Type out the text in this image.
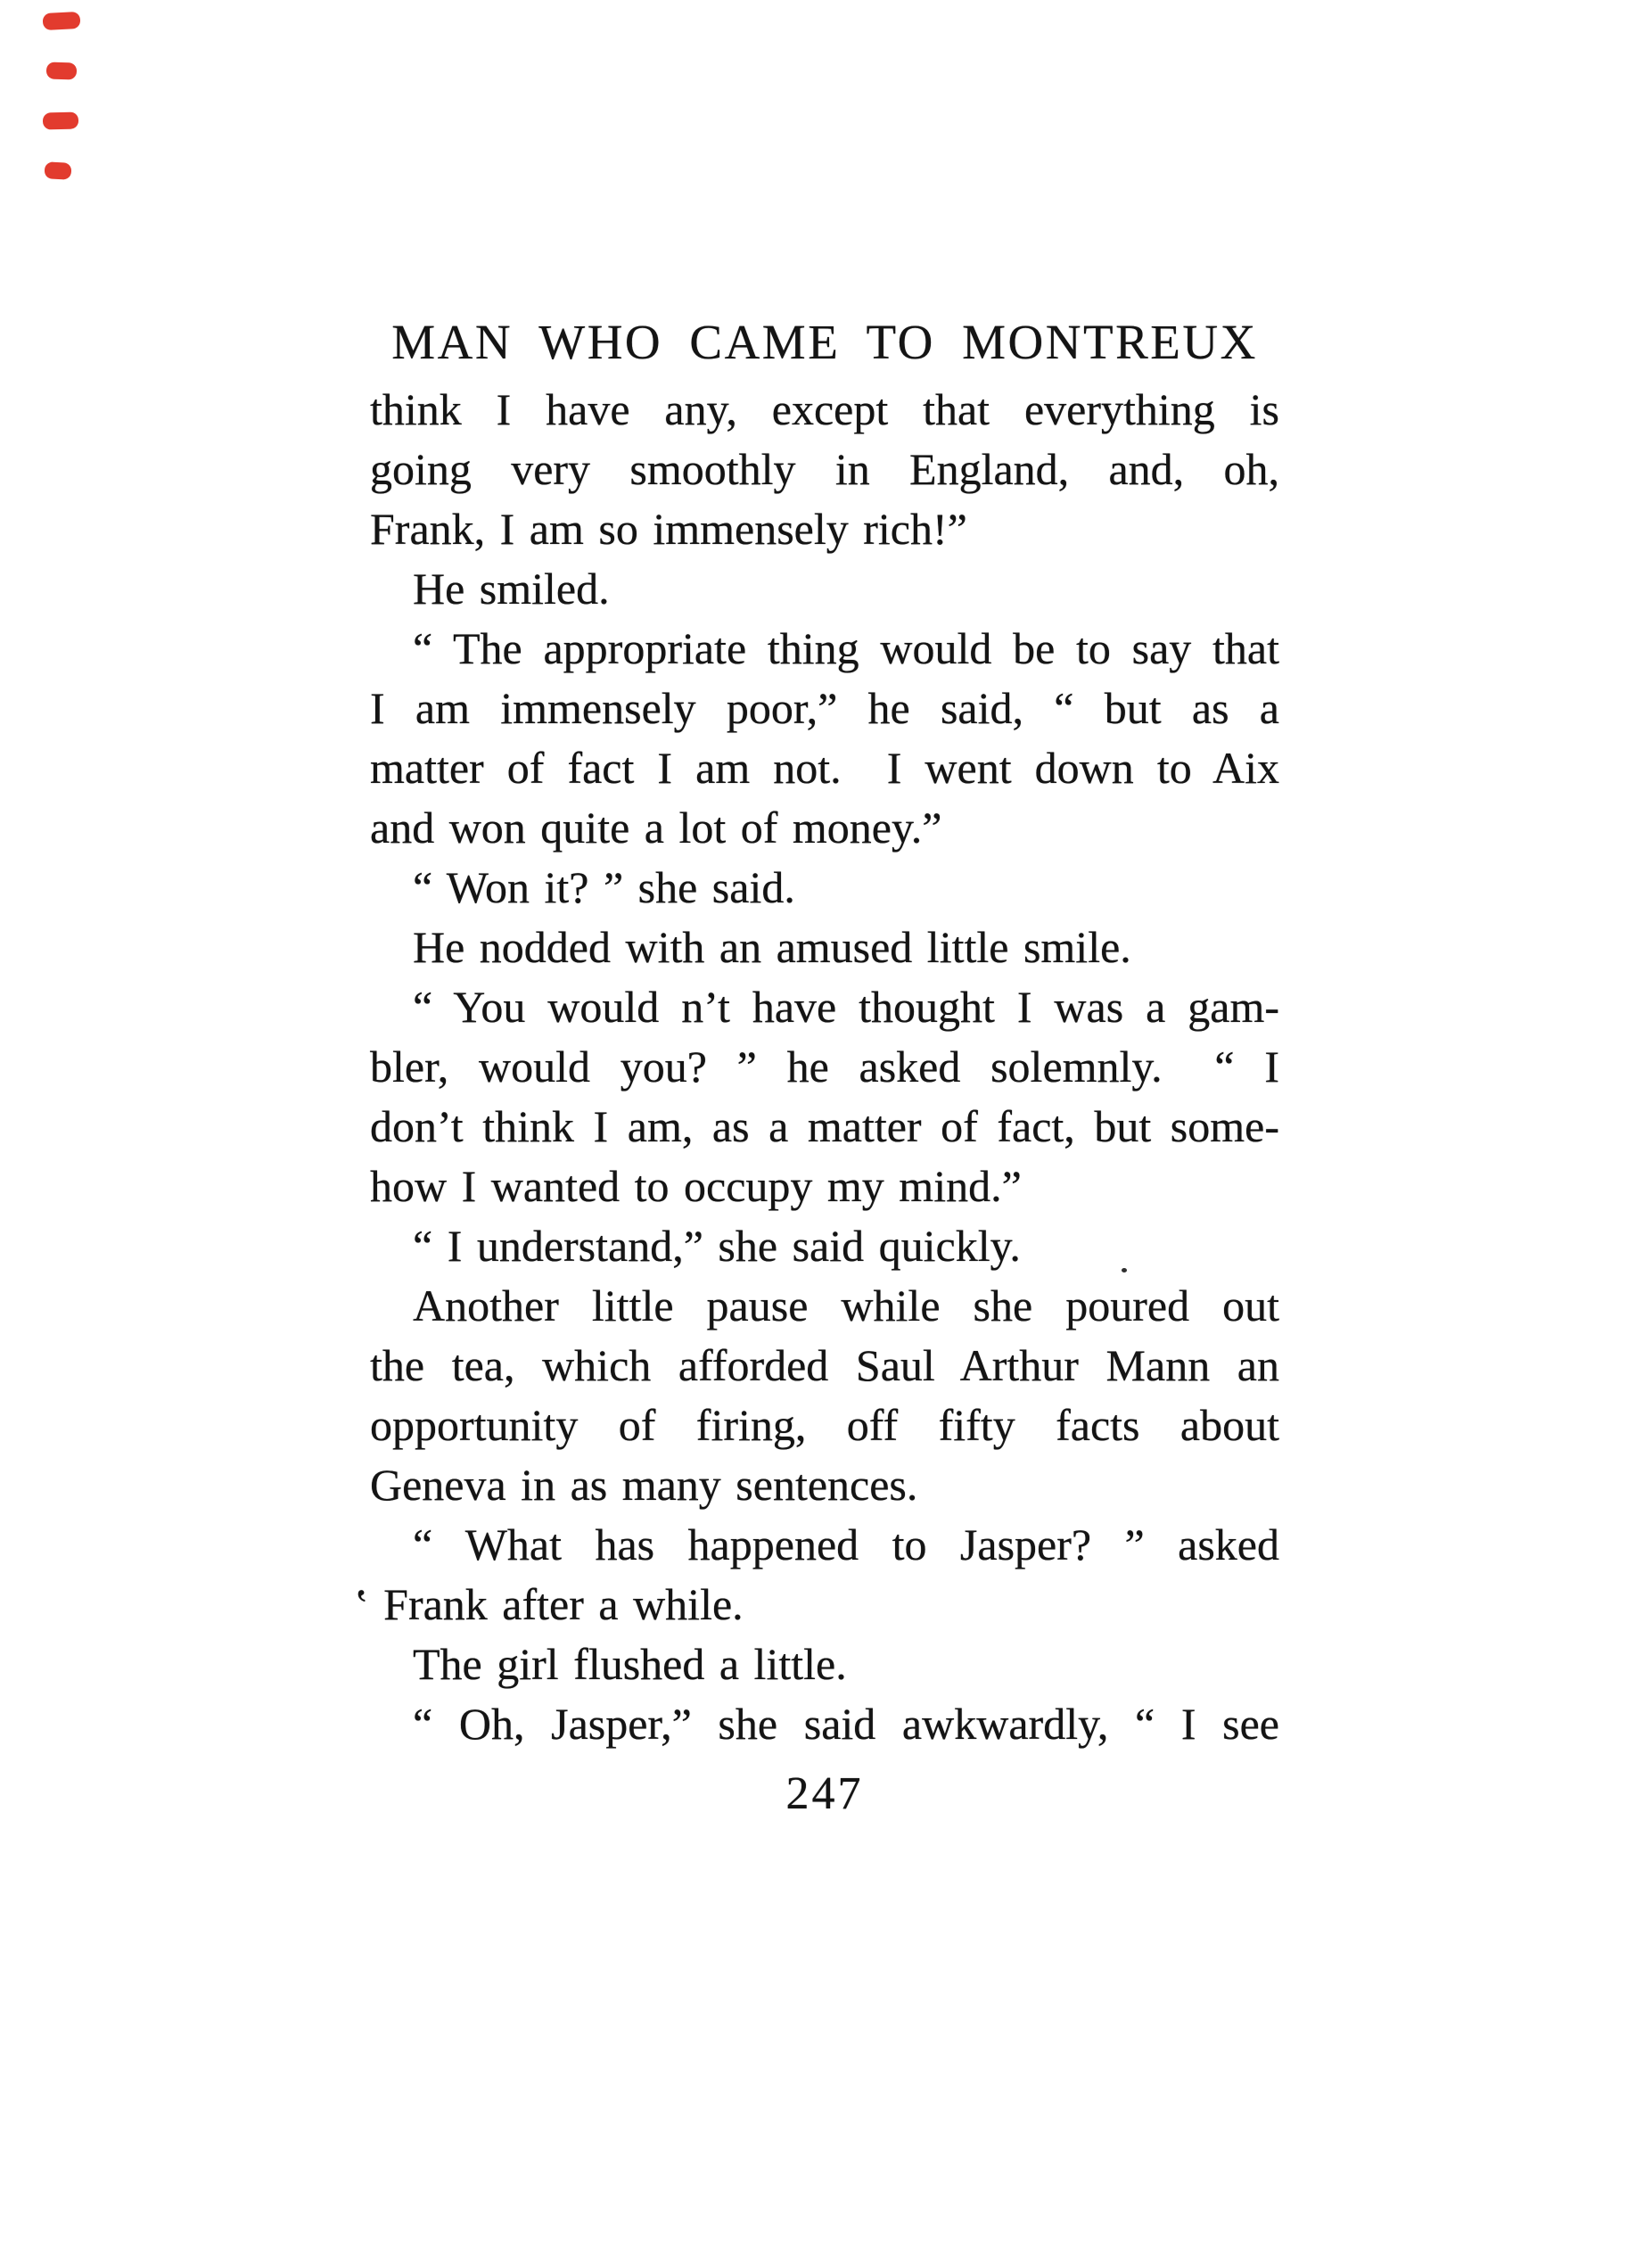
MAN WHO CAME TO MONTREUX
think I have any, except that everything is
going very smoothly in England, and, oh,
Frank, I am so immensely rich!”
He smiled.
“ The appropriate thing would be to say that
I am immensely poor,” he said, “ but as a
matter of fact I am not.  I went down to Aix
and won quite a lot of money.”
“ Won it? ” she said.
He nodded with an amused little smile.
“ You would n’t have thought I was a gam-
bler, would you? ” he asked solemnly.  “ I
don’t think I am, as a matter of fact, but some-
how I wanted to occupy my mind.”
“ I understand,” she said quickly.
Another little pause while she poured out
the tea, which afforded Saul Arthur Mann an
opportunity of firing, off fifty facts about
Geneva in as many sentences.
“ What has happened to Jasper? ” asked
‛ Frank after a while.
The girl flushed a little.
“ Oh, Jasper,” she said awkwardly, “ I see
247
